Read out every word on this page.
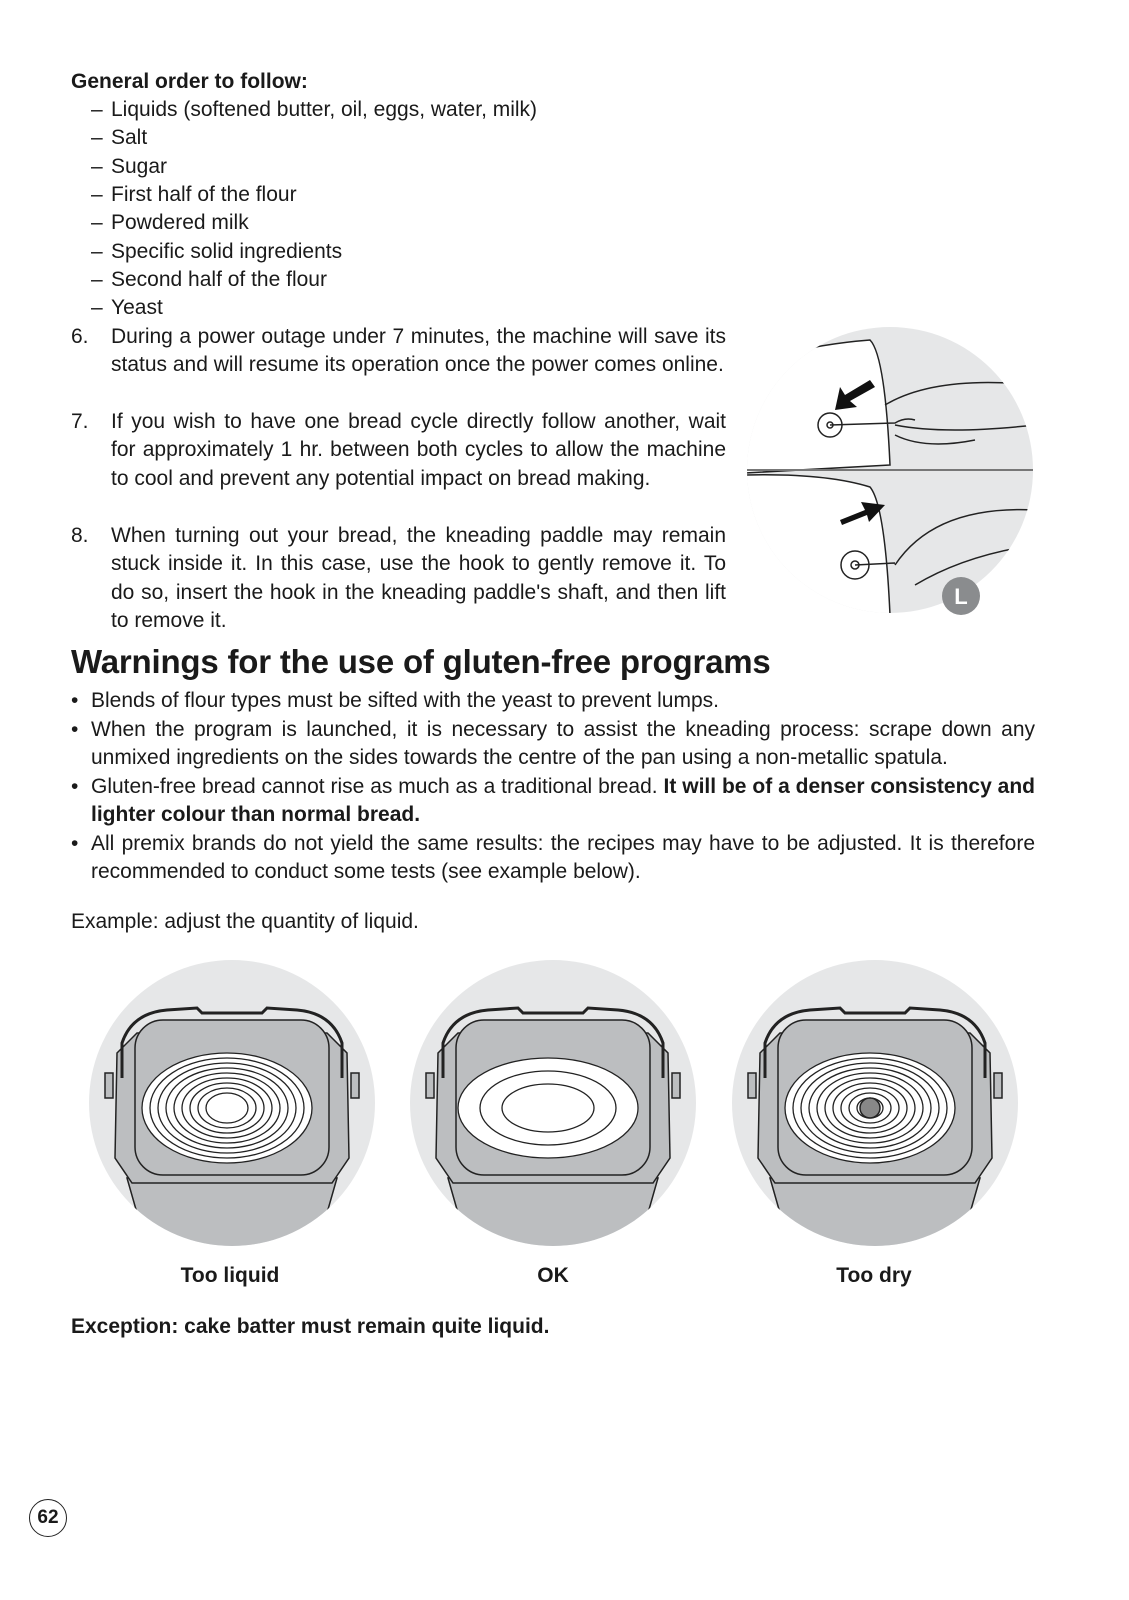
General order to follow:
– Liquids (softened butter, oil, eggs, water, milk)
– Salt
– Sugar
– First half of the flour
– Powdered milk
– Specific solid ingredients
– Second half of the flour
– Yeast
6. During a power outage under 7 minutes, the machine will save its status and will resume its operation once the power comes online.
7. If you wish to have one bread cycle directly follow another, wait for approximately 1 hr. between both cycles to allow the machine to cool and prevent any potential impact on bread making.
8. When turning out your bread, the kneading paddle may remain stuck inside it. In this case, use the hook to gently remove it. To do so, insert the hook in the kneading paddle's shaft, and then lift to remove it.
L
Warnings for the use of gluten-free programs
• Blends of flour types must be sifted with the yeast to prevent lumps.
• When the program is launched, it is necessary to assist the kneading process: scrape down any unmixed ingredients on the sides towards the centre of the pan using a non-metallic spatula.
• Gluten-free bread cannot rise as much as a traditional bread. It will be of a denser consistency and lighter colour than normal bread.
• All premix brands do not yield the same results: the recipes may have to be adjusted. It is therefore recommended to conduct some tests (see example below).
Example: adjust the quantity of liquid.
Too liquid	OK	Too dry
Exception: cake batter must remain quite liquid.
62
